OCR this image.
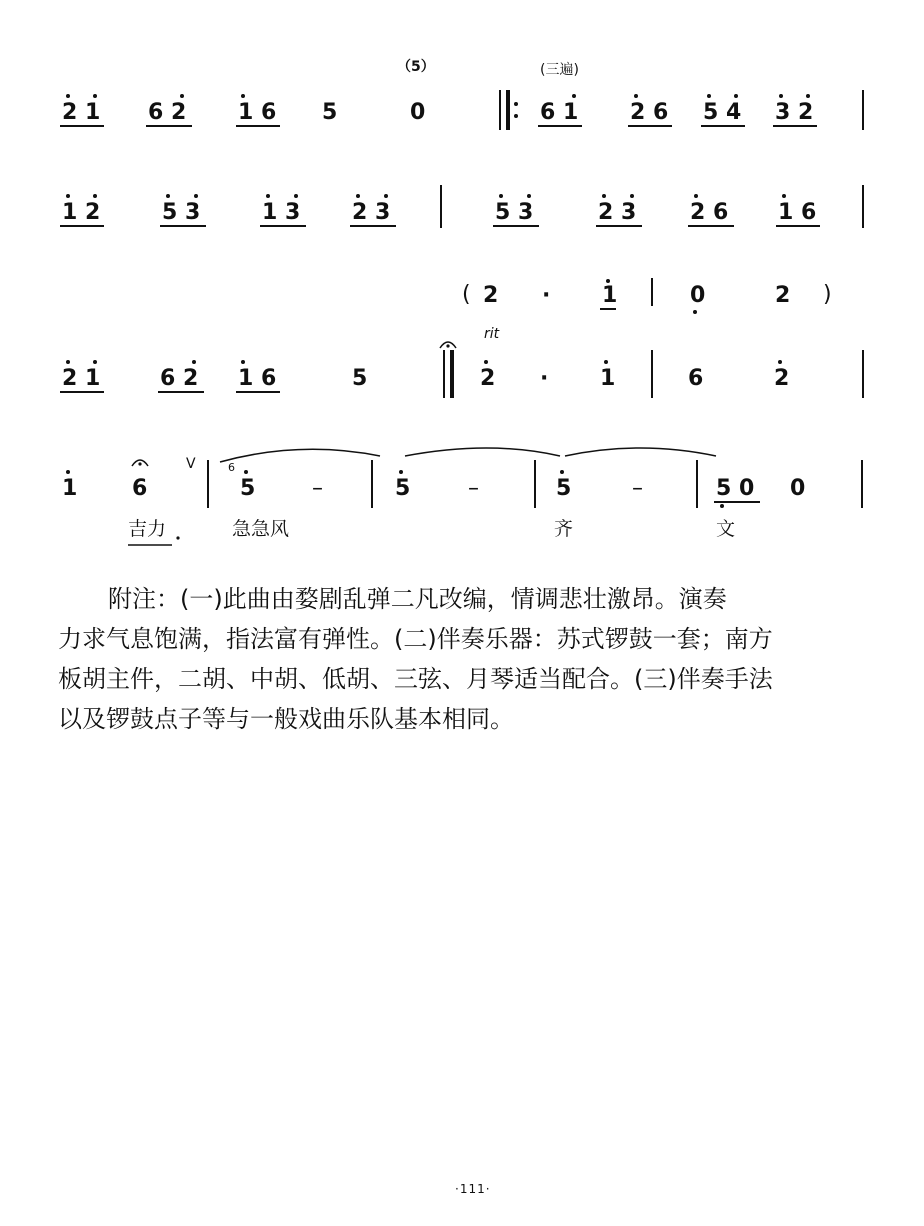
（5）	(三遍)
2 1 6 2 1 6 5	0	6 1 2 6 5 4 3 2
1 2	5 3	1 3 2 3	5 3	2 3 2 6 1 6
( 2 · 1	0	2 )
rit
2 1	6 2 1 6	5	2 · 1	6	2
V	6
1 6	5	–	5	–	5	–	5 0 0
吉力	急急风	齐	文
附注：(一)此曲由婺剧乱弹二凡改编，情调悲壮激昂。演奏
力求气息饱满，指法富有弹性。(二)伴奏乐器：苏式锣鼓一套；南方
板胡主件，二胡、中胡、低胡、三弦、月琴适当配合。(三)伴奏手法
以及锣鼓点子等与一般戏曲乐队基本相同。
·111·
